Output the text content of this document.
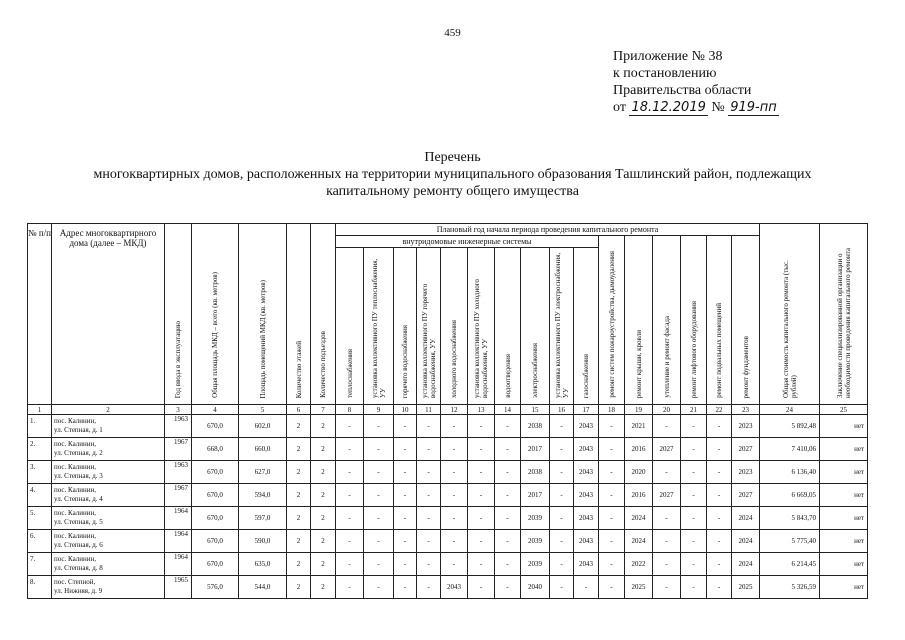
459
Приложение № 38
к постановлению
Правительства области
от 18.12.2019 № 919-пп
Перечень
многоквартирных домов, расположенных на территории муниципального образования Ташлинский район, подлежащих
капитальному ремонту общего имущества
№ п/п	Адрес многоквартирного дома (далее – МКД)	Год ввода в эксплуатацию	Общая площадь МКД – всего (кв. метров)	Площадь помещений МКД (кв. метров)	Количество этажей	Количество подъездов	Плановый год начала периода проведения капитального ремонта																Общая стоимость капитального ремонта (тыс. рублей)	Заключение специализированной организации о необходимости проведения капитального ремонта
							внутридомовые инженерные системы										ремонт систем пожароустройства, дымоудаления	ремонт крыши, кровли	утепление и ремонт фасада	ремонт лифтового оборудования	ремонт подвальных помещений	ремонт фундаментов		
							теплоснабжения	установка коллективного ПУ теплоснабжения, УУ	горячего водоснабжения	установка коллективного ПУ горячего водоснабжения, УУ	холодного водоснабжения	установка коллективного ПУ холодного водоснабжения, УУ	водоотведения	электроснабжения	установка коллективного ПУ электроснабжения, УУ	газоснабжения								
1	2	3	4	5	6	7	8	9	10	11	12	13	14	15	16	17	18	19	20	21	22	23	24	25
1.	пос. Калинин,
ул. Степная, д. 1	1963	670,0	602,0	2	2	-	-	-	-	-	-	-	2038	-	2043	-	2021	-	-	-	2023	5 892,48	нет
2.	пос. Калинин,
ул. Степная, д. 2	1967	668,0	660,0	2	2	-	-	-	-	-	-	-	2017	-	2043	-	2016	2027	-	-	2027	7 410,06	нет
3.	пос. Калинин,
ул. Степная, д. 3	1963	670,0	627,0	2	2	-	-	-	-	-	-	-	2038	-	2043	-	2020	-	-	-	2023	6 136,40	нет
4.	пос. Калинин,
ул. Степная, д. 4	1967	670,0	594,0	2	2	-	-	-	-	-	-	-	2017	-	2043	-	2016	2027	-	-	2027	6 669,05	нет
5.	пос. Калинин,
ул. Степная, д. 5	1964	670,0	597,0	2	2	-	-	-	-	-	-	-	2039	-	2043	-	2024	-	-	-	2024	5 843,70	нет
6.	пос. Калинин,
ул. Степная, д. 6	1964	670,0	590,0	2	2	-	-	-	-	-	-	-	2039	-	2043	-	2024	-	-	-	2024	5 775,40	нет
7.	пос. Калинин,
ул. Степная, д. 8	1964	670,0	635,0	2	2	-	-	-	-	-	-	-	2039	-	2043	-	2022	-	-	-	2024	6 214,45	нет
8.	пос. Степной,
ул. Нижняя, д. 9	1965	576,0	544,0	2	2	-	-	-	-	2043	-	-	2040	-	-	-	2025	-	-	-	2025	5 326,59	нет
